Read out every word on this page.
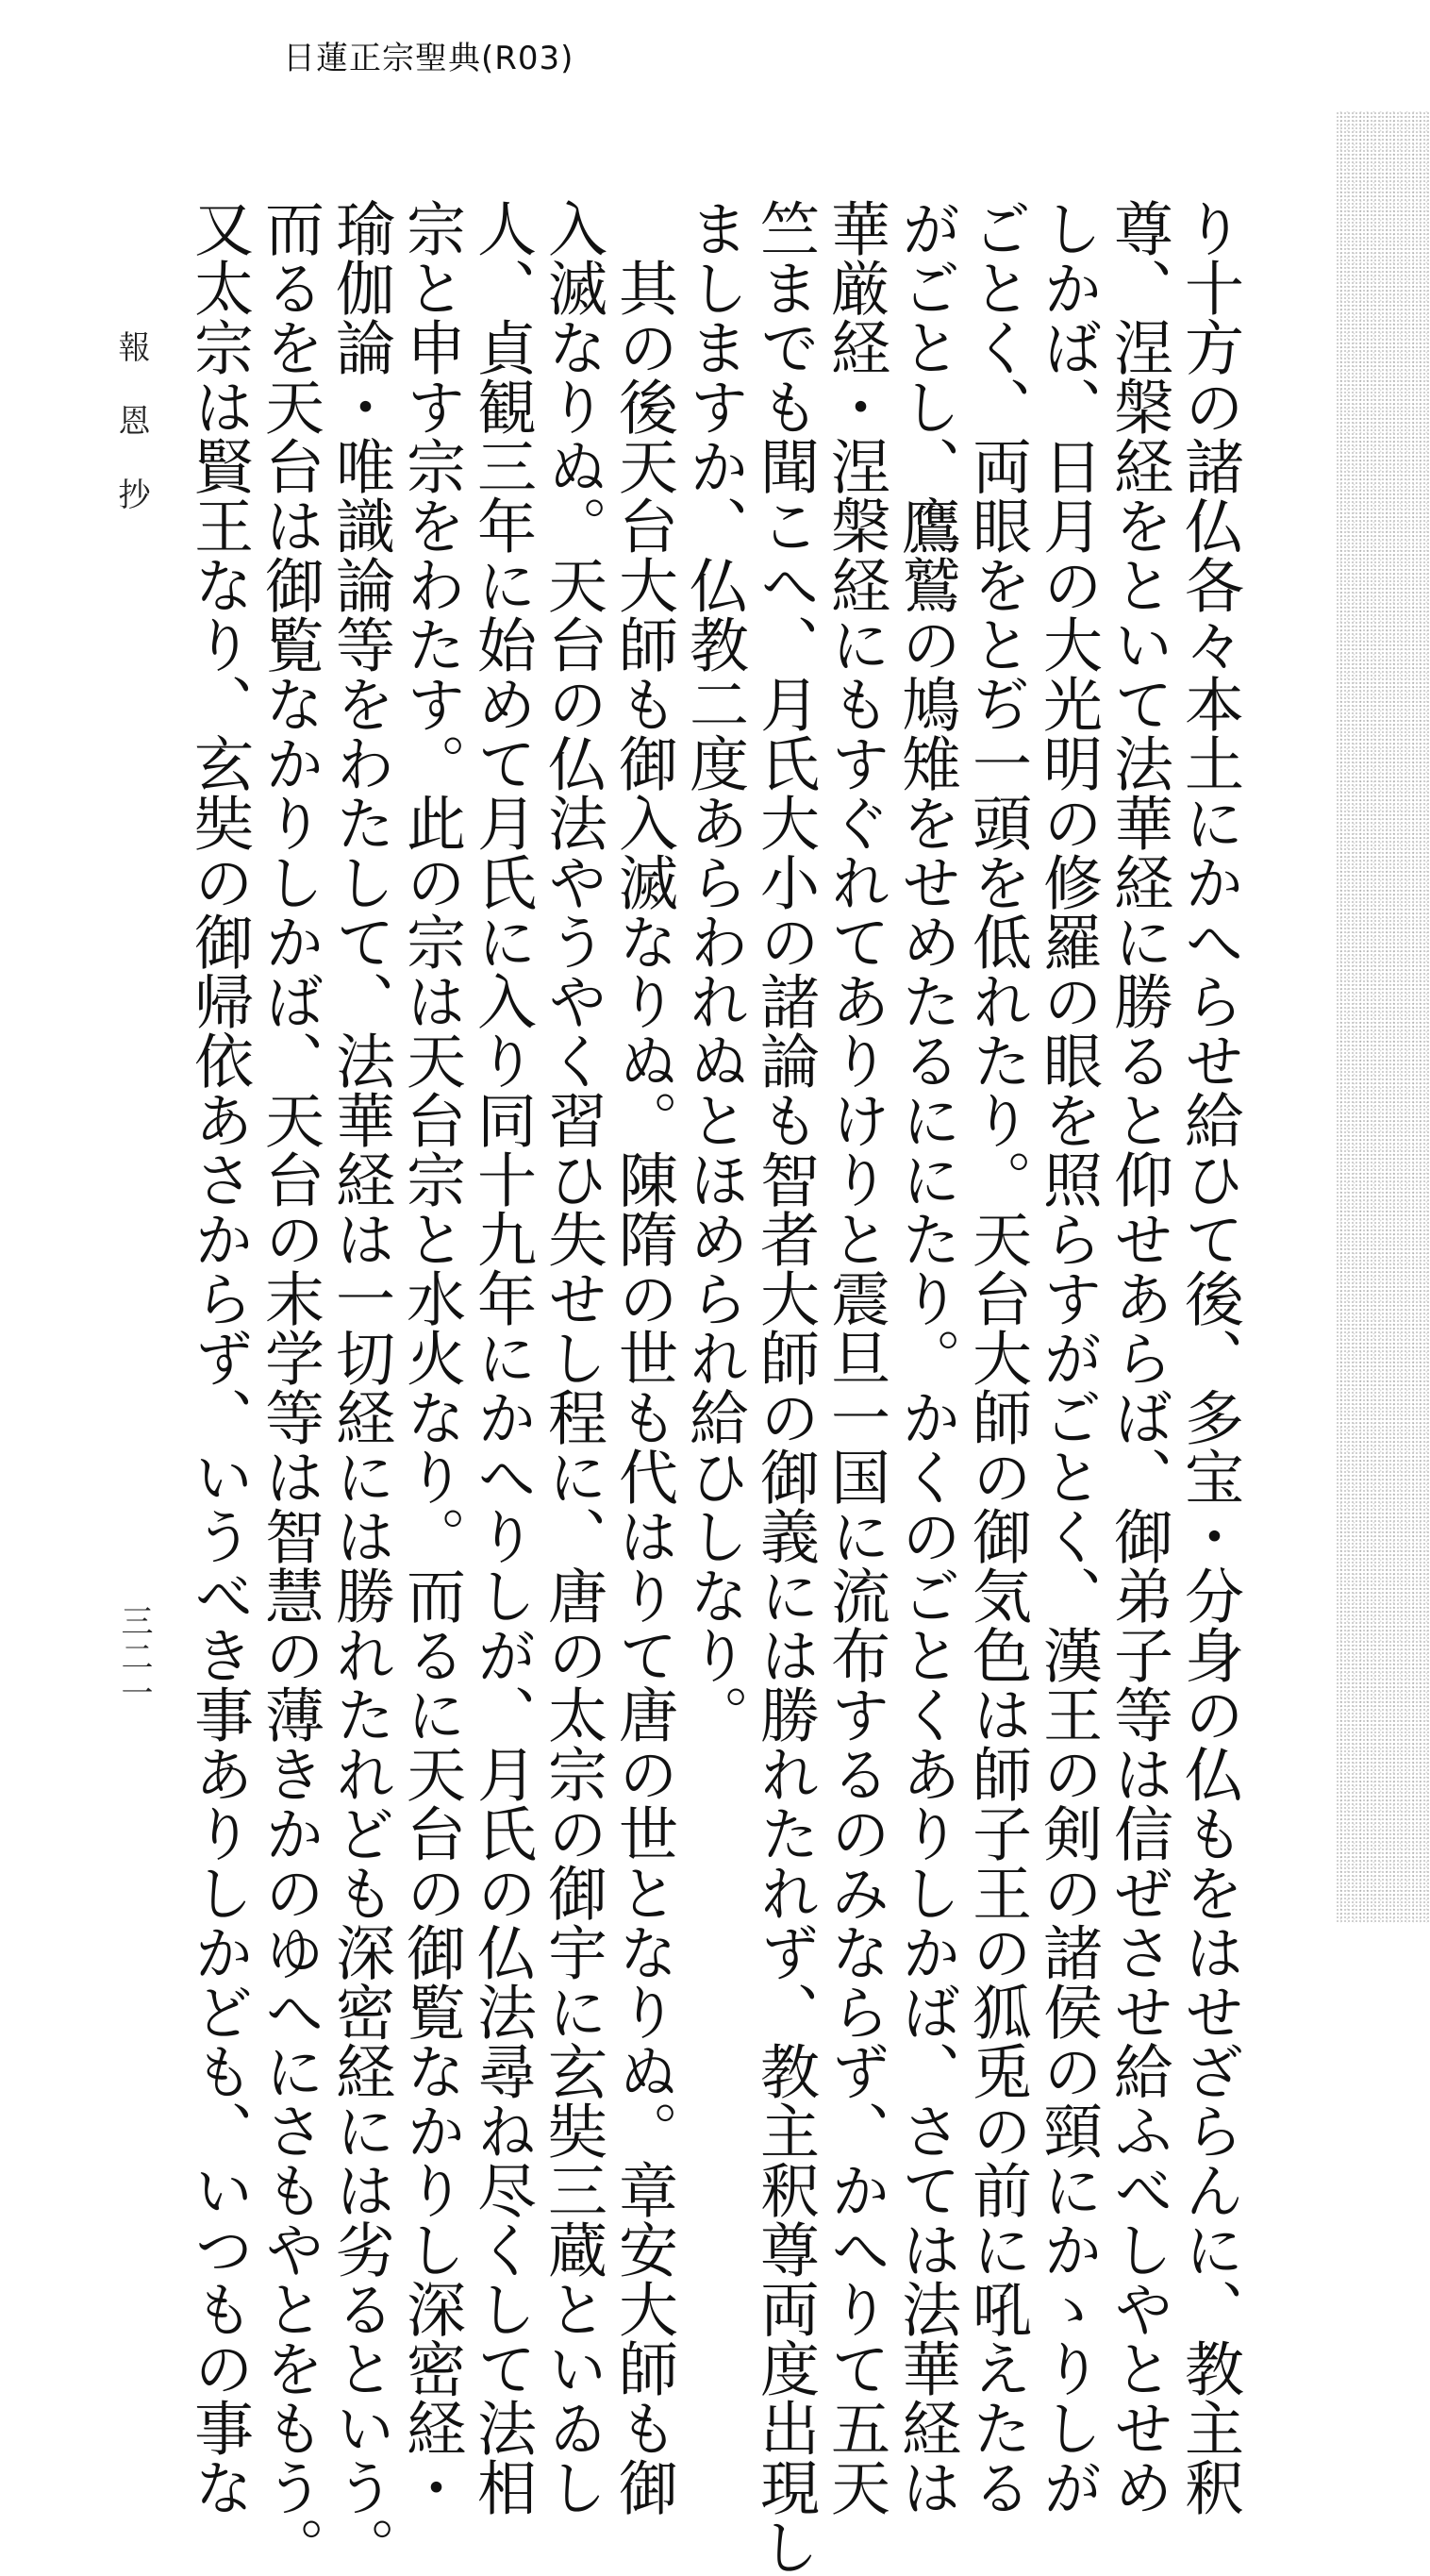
日蓮正宗聖典(R03)
り十方の諸仏各々本土にかへらせ給ひて後、多宝・分身の仏もをはせざらんに、教主釈
尊、涅槃経をといて法華経に勝ると仰せあらば、御弟子等は信ぜさせ給ふべしやとせめ
しかば、日月の大光明の修羅の眼を照らすがごとく、漢王の剣の諸侯の頸にかゝりしが
ごとく、両眼をとぢ一頭を低れたり。天台大師の御気色は師子王の狐兎の前に吼えたる
がごとし、鷹鷲の鳩雉をせめたるににたり。かくのごとくありしかば、さては法華経は
華厳経・涅槃経にもすぐれてありけりと震旦一国に流布するのみならず、かへりて五天
竺までも聞こへ、月氏大小の諸論も智者大師の御義には勝れたれず、教主釈尊両度出現し
ましますか、仏教二度あらわれぬとほめられ給ひしなり。
　其の後天台大師も御入滅なりぬ。陳隋の世も代はりて唐の世となりぬ。章安大師も御
入滅なりぬ。天台の仏法やうやく習ひ失せし程に、唐の太宗の御宇に玄奘三蔵といゐし
人、貞観三年に始めて月氏に入り同十九年にかへりしが、月氏の仏法尋ね尽くして法相
宗と申す宗をわたす。此の宗は天台宗と水火なり。而るに天台の御覧なかりし深密経・
瑜伽論・唯識論等をわたして、法華経は一切経には勝れたれども深密経には劣るという。
而るを天台は御覧なかりしかば、天台の末学等は智慧の薄きかのゆへにさもやとをもう。
又太宗は賢王なり、玄奘の御帰依あさからず、いうべき事ありしかども、いつもの事な
報恩抄
三二一
